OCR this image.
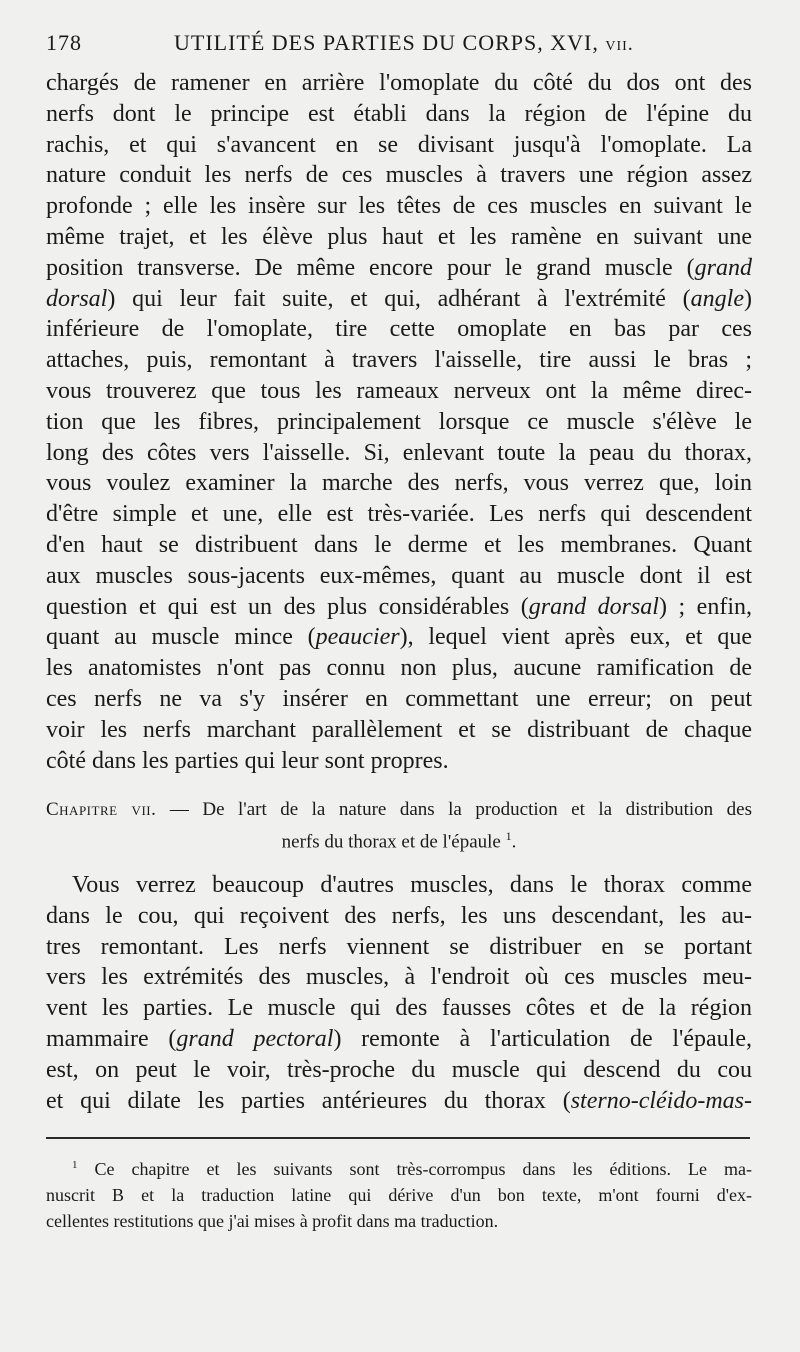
178	UTILITÉ DES PARTIES DU CORPS, XVI, vii.
chargés de ramener en arrière l'omoplate du côté du dos ont des
nerfs dont le principe est établi dans la région de l'épine du
rachis, et qui s'avancent en se divisant jusqu'à l'omoplate. La
nature conduit les nerfs de ces muscles à travers une région assez
profonde ; elle les insère sur les têtes de ces muscles en suivant le
même trajet, et les élève plus haut et les ramène en suivant une
position transverse. De même encore pour le grand muscle (grand
dorsal) qui leur fait suite, et qui, adhérant à l'extrémité (angle)
inférieure de l'omoplate, tire cette omoplate en bas par ces
attaches, puis, remontant à travers l'aisselle, tire aussi le bras ;
vous trouverez que tous les rameaux nerveux ont la même direc-
tion que les fibres, principalement lorsque ce muscle s'élève le
long des côtes vers l'aisselle. Si, enlevant toute la peau du thorax,
vous voulez examiner la marche des nerfs, vous verrez que, loin
d'être simple et une, elle est très-variée. Les nerfs qui descendent
d'en haut se distribuent dans le derme et les membranes. Quant
aux muscles sous-jacents eux-mêmes, quant au muscle dont il est
question et qui est un des plus considérables (grand dorsal) ; enfin,
quant au muscle mince (peaucier), lequel vient après eux, et que
les anatomistes n'ont pas connu non plus, aucune ramification de
ces nerfs ne va s'y insérer en commettant une erreur; on peut
voir les nerfs marchant parallèlement et se distribuant de chaque
côté dans les parties qui leur sont propres.
Chapitre vii. — De l'art de la nature dans la production et la distribution des
nerfs du thorax et de l'épaule $^1$.
Vous verrez beaucoup d'autres muscles, dans le thorax comme
dans le cou, qui reçoivent des nerfs, les uns descendant, les au-
tres remontant. Les nerfs viennent se distribuer en se portant
vers les extrémités des muscles, à l'endroit où ces muscles meu-
vent les parties. Le muscle qui des fausses côtes et de la région
mammaire (grand pectoral) remonte à l'articulation de l'épaule,
est, on peut le voir, très-proche du muscle qui descend du cou
et qui dilate les parties antérieures du thorax (sterno-cléido-mas-
$^1$ Ce chapitre et les suivants sont très-corrompus dans les éditions. Le ma-
nuscrit B et la traduction latine qui dérive d'un bon texte, m'ont fourni d'ex-
cellentes restitutions que j'ai mises à profit dans ma traduction.
